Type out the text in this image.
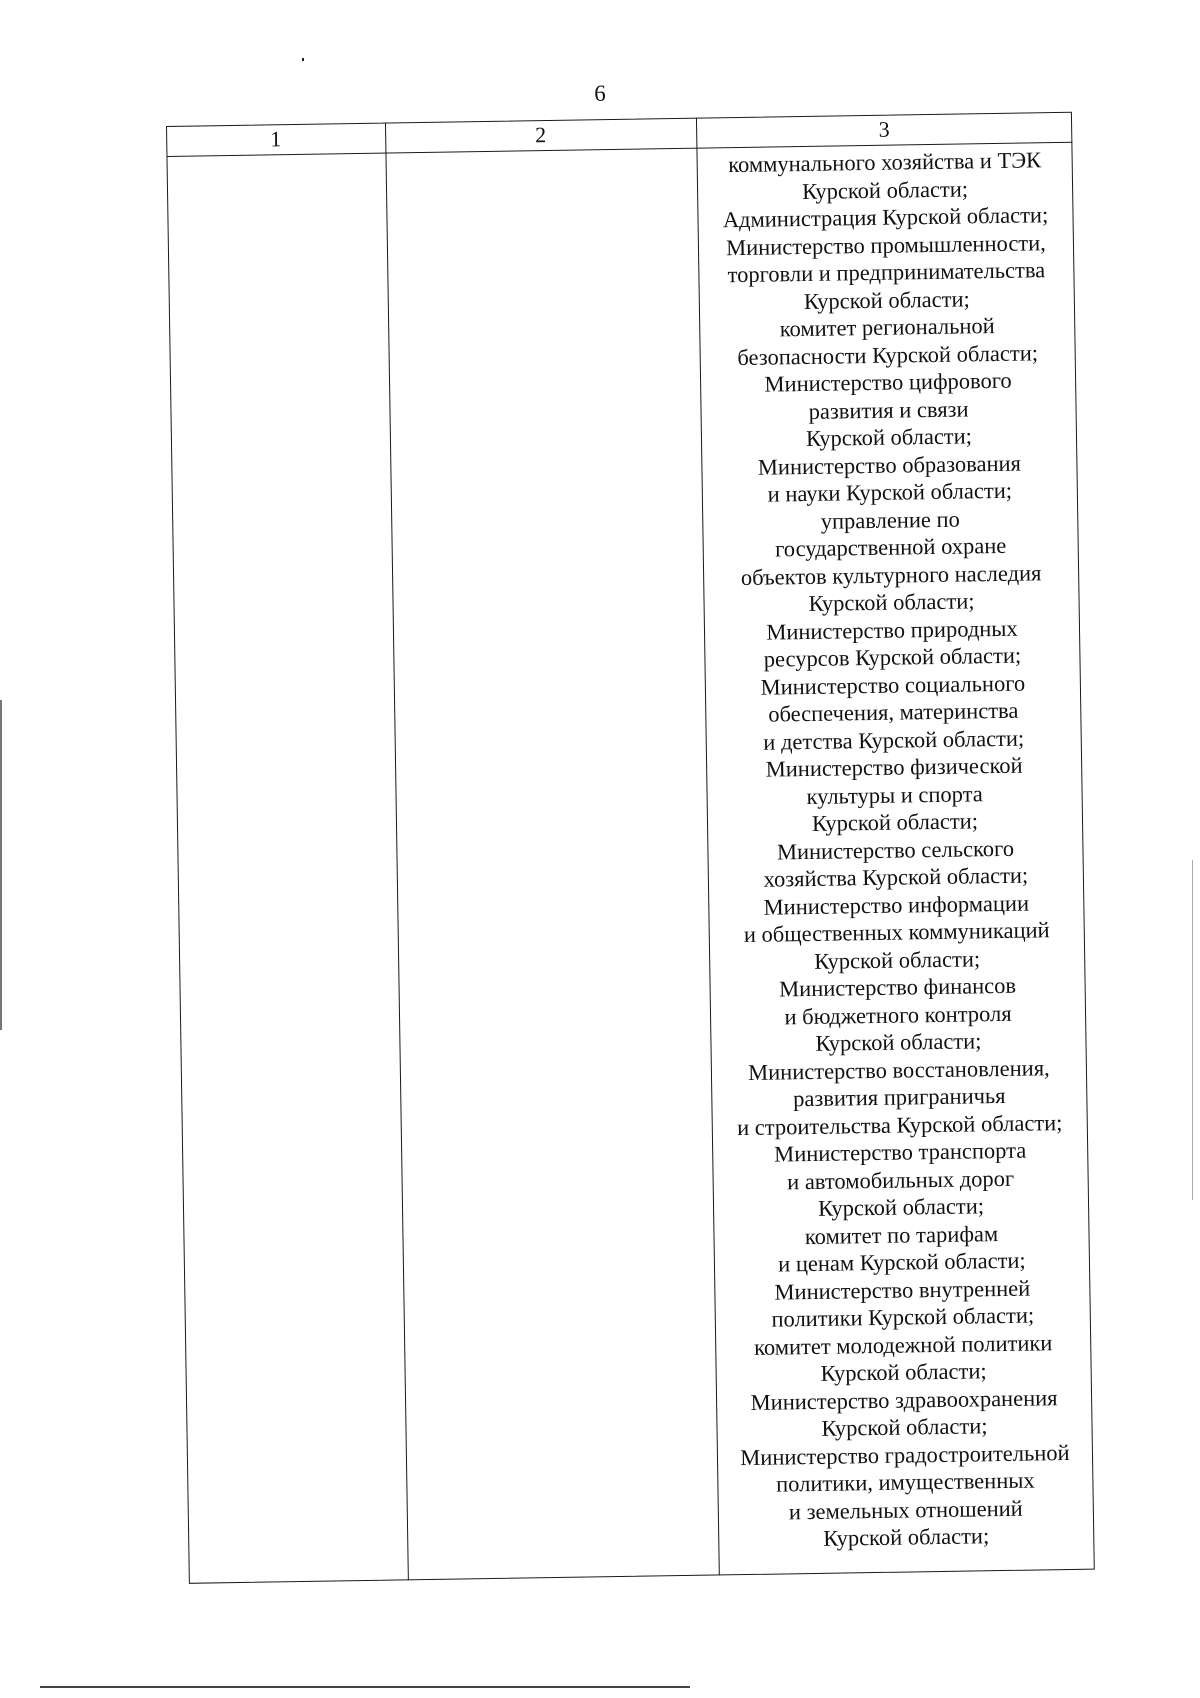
6
1	2	3
коммунального хозяйства и ТЭК
Курской области;
Администрация Курской области;
Министерство промышленности,
торговли и предпринимательства
Курской области;
комитет региональной
безопасности Курской области;
Министерство цифрового
развития и связи
Курской области;
Министерство образования
и науки Курской области;
управление по
государственной охране
объектов культурного наследия
Курской области;
Министерство природных
ресурсов Курской области;
Министерство социального
обеспечения, материнства
и детства Курской области;
Министерство физической
культуры и спорта
Курской области;
Министерство сельского
хозяйства Курской области;
Министерство информации
и общественных коммуникаций
Курской области;
Министерство финансов
и бюджетного контроля
Курской области;
Министерство восстановления,
развития приграничья
и строительства Курской области;
Министерство транспорта
и автомобильных дорог
Курской области;
комитет по тарифам
и ценам Курской области;
Министерство внутренней
политики Курской области;
комитет молодежной политики
Курской области;
Министерство здравоохранения
Курской области;
Министерство градостроительной
политики, имущественных
и земельных отношений
Курской области;
